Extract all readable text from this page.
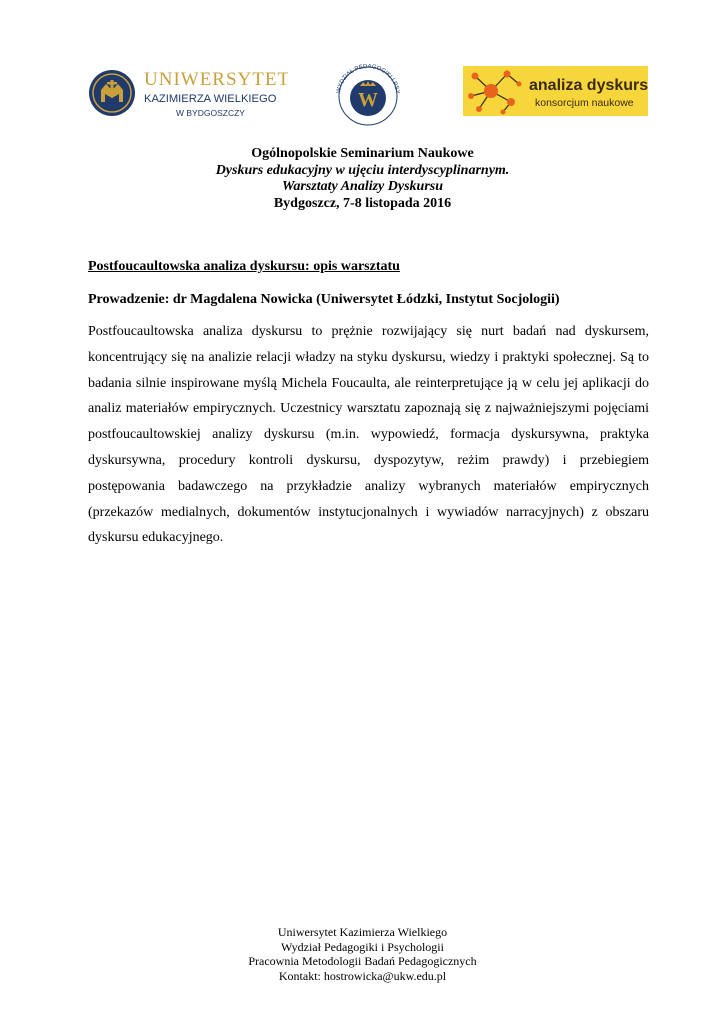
UNIWERSYTET
KAZIMIERZA WIELKIEGO
W BYDGOSZCZY
WYDZIAŁ PEDAGOGIKI I PSY
W
analiza dyskursu
konsorcjum naukowe
Ogólnopolskie Seminarium Naukowe
Dyskurs edukacyjny w ujęciu interdyscyplinarnym.
Warsztaty Analizy Dyskursu
Bydgoszcz, 7-8 listopada 2016
Postfoucaultowska analiza dyskursu: opis warsztatu
Prowadzenie: dr Magdalena Nowicka (Uniwersytet Łódzki, Instytut Socjologii)
Postfoucaultowska analiza dyskursu to prężnie rozwijający się nurt badań nad dyskursem, koncentrujący się na analizie relacji władzy na styku dyskursu, wiedzy i praktyki społecznej. Są to badania silnie inspirowane myślą Michela Foucaulta, ale reinterpretujące ją w celu jej aplikacji do analiz materiałów empirycznych. Uczestnicy warsztatu zapoznają się z najważniejszymi pojęciami postfoucaultowskiej analizy dyskursu (m.in. wypowiedź, formacja dyskursywna, praktyka dyskursywna, procedury kontroli dyskursu, dyspozytyw, reżim prawdy) i przebiegiem postępowania badawczego na przykładzie analizy wybranych materiałów empirycznych (przekazów medialnych, dokumentów instytucjonalnych i wywiadów narracyjnych) z obszaru dyskursu edukacyjnego.
Uniwersytet Kazimierza Wielkiego
Wydział Pedagogiki i Psychologii
Pracownia Metodologii Badań Pedagogicznych
Kontakt: hostrowicka@ukw.edu.pl
